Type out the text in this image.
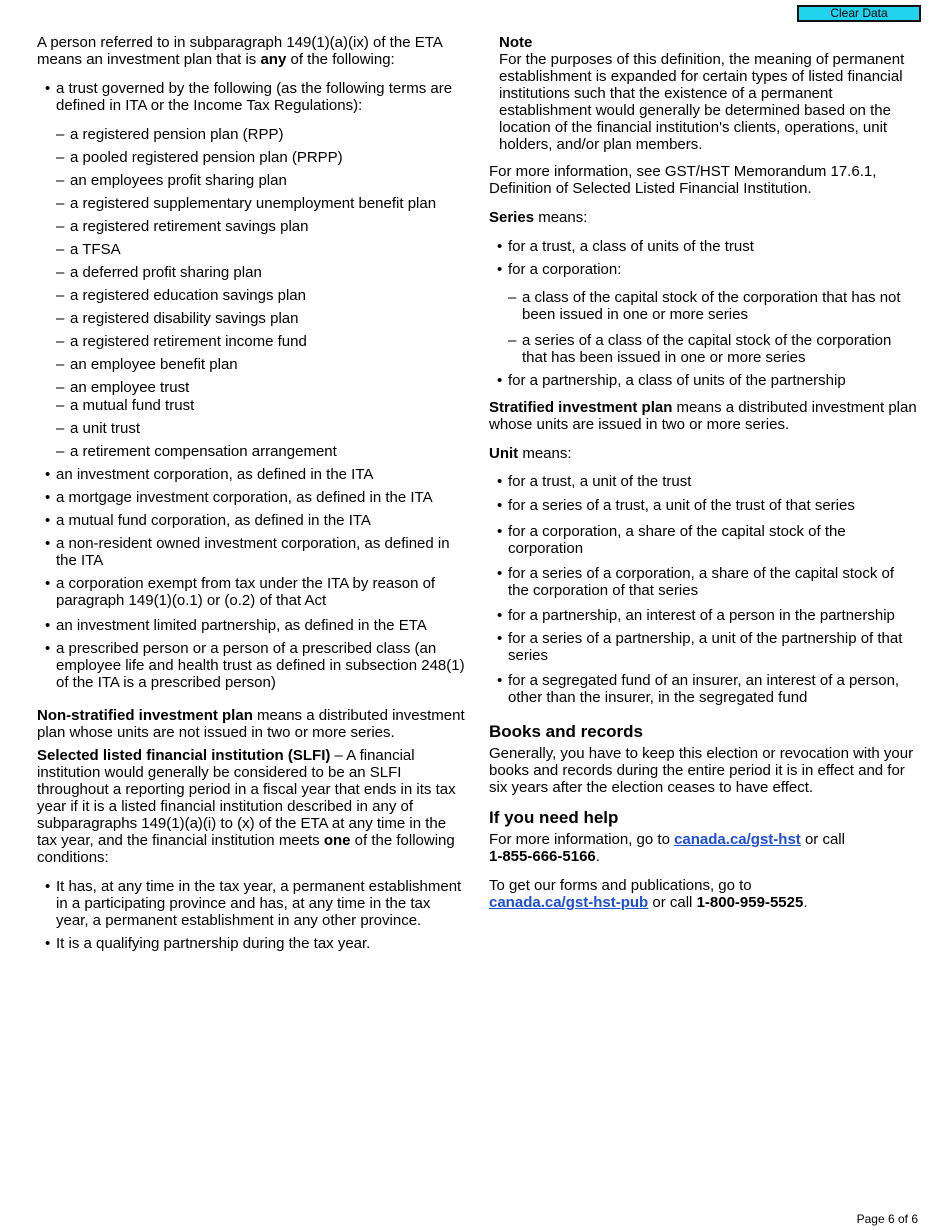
Clear Data

A person referred to in subparagraph 149(1)(a)(ix) of the ETA means an investment plan that is any of the following:

• a trust governed by the following (as the following terms are defined in ITA or the Income Tax Regulations):

– a registered pension plan (RPP)

– a pooled registered pension plan (PRPP)

– an employees profit sharing plan

– a registered supplementary unemployment benefit plan

– a registered retirement savings plan

– a TFSA

– a deferred profit sharing plan

– a registered education savings plan

– a registered disability savings plan

– a registered retirement income fund

– an employee benefit plan

– an employee trust

– a mutual fund trust

– a unit trust

– a retirement compensation arrangement

• an investment corporation, as defined in the ITA

• a mortgage investment corporation, as defined in the ITA

• a mutual fund corporation, as defined in the ITA

• a non-resident owned investment corporation, as defined in the ITA

• a corporation exempt from tax under the ITA by reason of paragraph 149(1)(o.1) or (o.2) of that Act

• an investment limited partnership, as defined in the ETA

• a prescribed person or a person of a prescribed class (an employee life and health trust as defined in subsection 248(1) of the ITA is a prescribed person)

Non-stratified investment plan means a distributed investment plan whose units are not issued in two or more series.

Selected listed financial institution (SLFI) – A financial institution would generally be considered to be an SLFI throughout a reporting period in a fiscal year that ends in its tax year if it is a listed financial institution described in any of subparagraphs 149(1)(a)(i) to (x) of the ETA at any time in the tax year, and the financial institution meets one of the following conditions:

• It has, at any time in the tax year, a permanent establishment in a participating province and has, at any time in the tax year, a permanent establishment in any other province.

• It is a qualifying partnership during the tax year.

Note

For the purposes of this definition, the meaning of permanent establishment is expanded for certain types of listed financial institutions such that the existence of a permanent establishment would generally be determined based on the location of the financial institution's clients, operations, unit holders, and/or plan members.

For more information, see GST/HST Memorandum 17.6.1, Definition of Selected Listed Financial Institution.

Series means:

• for a trust, a class of units of the trust

• for a corporation:

– a class of the capital stock of the corporation that has not been issued in one or more series

– a series of a class of the capital stock of the corporation that has been issued in one or more series

• for a partnership, a class of units of the partnership

Stratified investment plan means a distributed investment plan whose units are issued in two or more series.

Unit means:

• for a trust, a unit of the trust

• for a series of a trust, a unit of the trust of that series

• for a corporation, a share of the capital stock of the corporation

• for a series of a corporation, a share of the capital stock of the corporation of that series

• for a partnership, an interest of a person in the partnership

• for a series of a partnership, a unit of the partnership of that series

• for a segregated fund of an insurer, an interest of a person, other than the insurer, in the segregated fund

Books and records

Generally, you have to keep this election or revocation with your books and records during the entire period it is in effect and for six years after the election ceases to have effect.

If you need help

For more information, go to canada.ca/gst-hst or call
1-855-666-5166.

To get our forms and publications, go to
canada.ca/gst-hst-pub or call 1-800-959-5525.

Page 6 of 6
